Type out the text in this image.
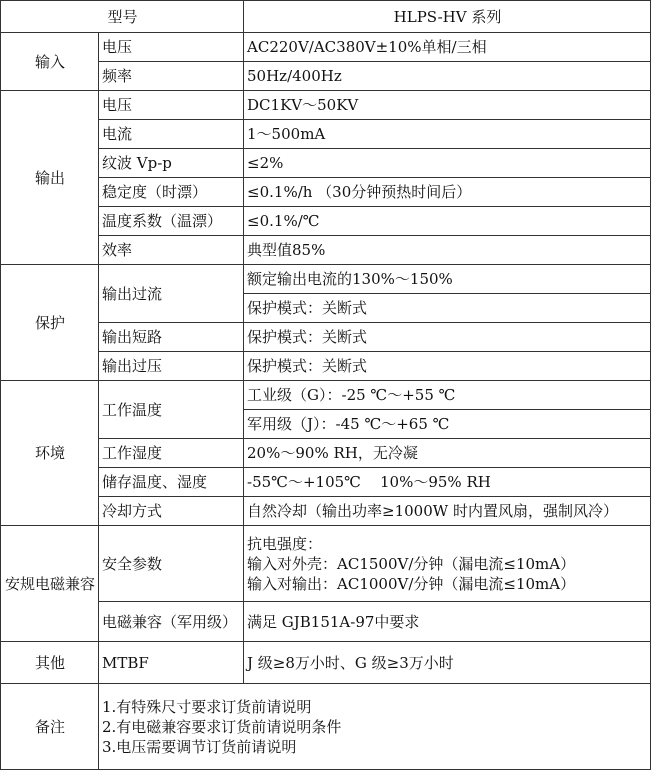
型号		HLPS-HV 系列
输入	电压	AC220V/AC380V±10%单相/三相
	频率	50Hz/400Hz
输出	电压	DC1KV～50KV
	电流	1～500mA
	纹波 Vp-p	≤2%
	稳定度（时漂）	≤0.1%/h （30分钟预热时间后）
	温度系数（温漂）	≤0.1%/℃
	效率	典型值85%
保护	输出过流	额定输出电流的130%～150%
		保护模式：关断式
	输出短路	保护模式：关断式
	输出过压	保护模式：关断式
环境	工作温度	工业级（G）：-25 ℃～+55 ℃
		军用级（J）：-45 ℃～+65 ℃
	工作湿度	20%～90% RH，无冷凝
	储存温度、湿度	-55℃～+105℃    10%～95% RH
	冷却方式	自然冷却（输出功率≥1000W 时内置风扇，强制风冷）
安规电磁兼容	安全参数	抗电强度：
输入对外壳：AC1500V/分钟（漏电流≤10mA）
输入对输出：AC1000V/分钟（漏电流≤10mA）

	电磁兼容（军用级）	满足 GJB151A-97中要求
其他	MTBF	J 级≥8万小时、G 级≥3万小时
备注	1.有特殊尺寸要求订货前请说明
2.有电磁兼容要求订货前请说明条件
3.电压需要调节订货前请说明	
